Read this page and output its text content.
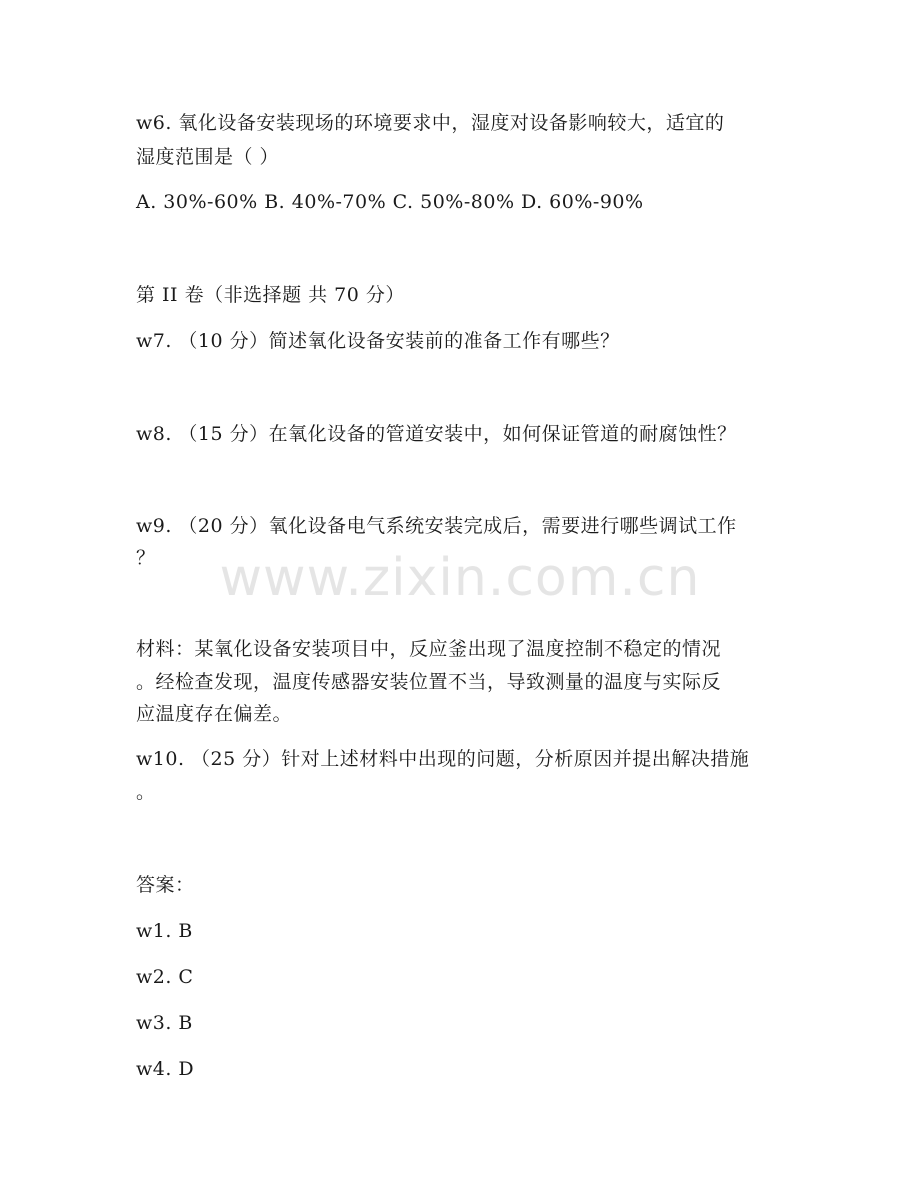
w6. 氧化设备安装现场的环境要求中，湿度对设备影响较大，适宜的
湿度范围是（ ）
A. 30%-60% B. 40%-70% C. 50%-80% D. 60%-90%
第 II 卷（非选择题 共 70 分）
w7. （10 分）简述氧化设备安装前的准备工作有哪些？
w8. （15 分）在氧化设备的管道安装中，如何保证管道的耐腐蚀性？
w9. （20 分）氧化设备电气系统安装完成后，需要进行哪些调试工作
？	www.zixin.com.cn
材料：某氧化设备安装项目中，反应釜出现了温度控制不稳定的情况
。经检查发现，温度传感器安装位置不当，导致测量的温度与实际反
应温度存在偏差。
w10. （25 分）针对上述材料中出现的问题，分析原因并提出解决措施
。
答案：
w1. B
w2. C
w3. B
w4. D
